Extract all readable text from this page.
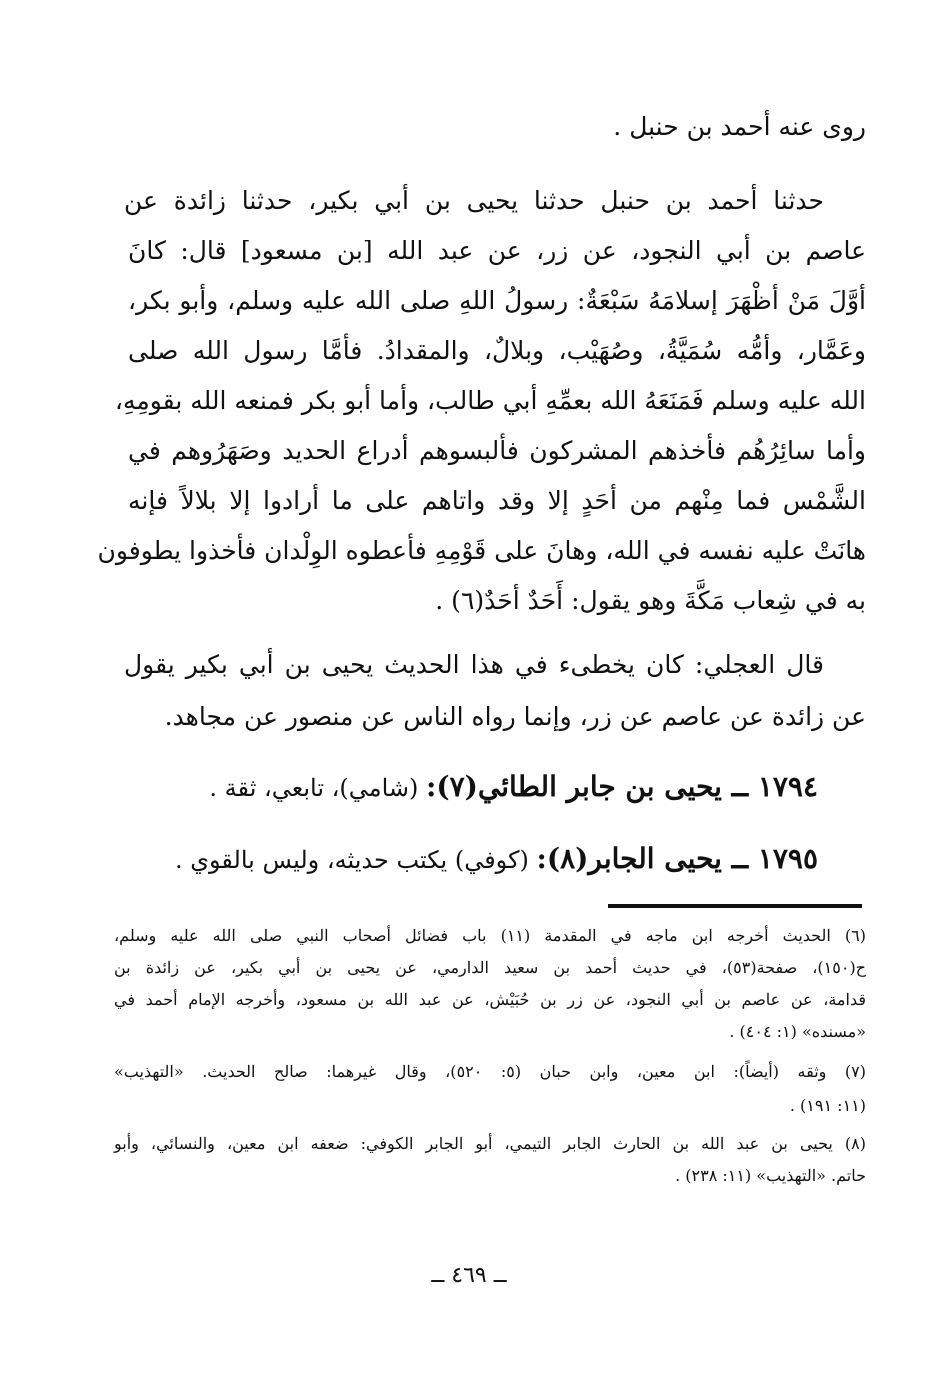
روى عنه أحمد بن حنبل .
حدثنا أحمد بن حنبل حدثنا يحيى بن أبي بكير، حدثنا زائدة عن
عاصم بن أبي النجود، عن زر، عن عبد الله [بن مسعود] قال: كانَ
أوَّلَ مَنْ أظْهَرَ إسلامَهُ سَبْعَةٌ: رسولُ اللهِ صلى الله عليه وسلم، وأبو بكر،
وعَمَّار، وأمُّه سُمَيَّةُ، وصُهَيْب، وبلالٌ، والمقدادُ. فأمَّا رسول الله صلى
الله عليه وسلم فَمَنَعَهُ الله بعمِّهِ أبي طالب، وأما أبو بكر فمنعه الله بقومِهِ،
وأما سائِرُهُم فأخذهم المشركون فألبسوهم أدراع الحديد وصَهَرُوهم في
الشَّمْس فما مِنْهم من أحَدٍ إلا وقد واتاهم على ما أرادوا إلا بلالاً فإنه
هانَتْ عليه نفسه في الله، وهانَ على قَوْمِهِ فأعطوه الوِلْدان فأخذوا يطوفون
به في شِعاب مَكَّةَ وهو يقول: أَحَدٌ أحَدٌ(٦) .
قال العجلي: كان يخطىء في هذا الحديث يحيى بن أبي بكير يقول
عن زائدة عن عاصم عن زر، وإنما رواه الناس عن منصور عن مجاهد.
١٧٩٤ ــ يحيى بن جابر الطائي(٧): (شامي)، تابعي، ثقة .
١٧٩٥ ــ يحيى الجابر(٨): (كوفي) يكتب حديثه، وليس بالقوي .
(٦) الحديث أخرجه ابن ماجه في المقدمة (١١) باب فضائل أصحاب النبي صلى الله عليه وسلم،
ح(١٥٠)، صفحة(٥٣)، في حديث أحمد بن سعيد الدارمي، عن يحيى بن أبي بكير، عن زائدة بن
قدامة، عن عاصم بن أبي النجود، عن زر بن حُبَيْش، عن عبد الله بن مسعود، وأخرجه الإمام أحمد في
«مسنده» (١: ٤٠٤) .
(٧) وثقه (أيضاً): ابن معين، وابن حبان (٥: ٥٢٠)، وقال غيرهما: صالح الحديث. «التهذيب»
(١١: ١٩١) .
(٨) يحيى بن عبد الله بن الحارث الجابر التيمي، أبو الجابر الكوفي: ضعفه ابن معين، والنسائي، وأبو
حاتم. «التهذيب» (١١: ٢٣٨) .
ــ ٤٦٩ ــ
